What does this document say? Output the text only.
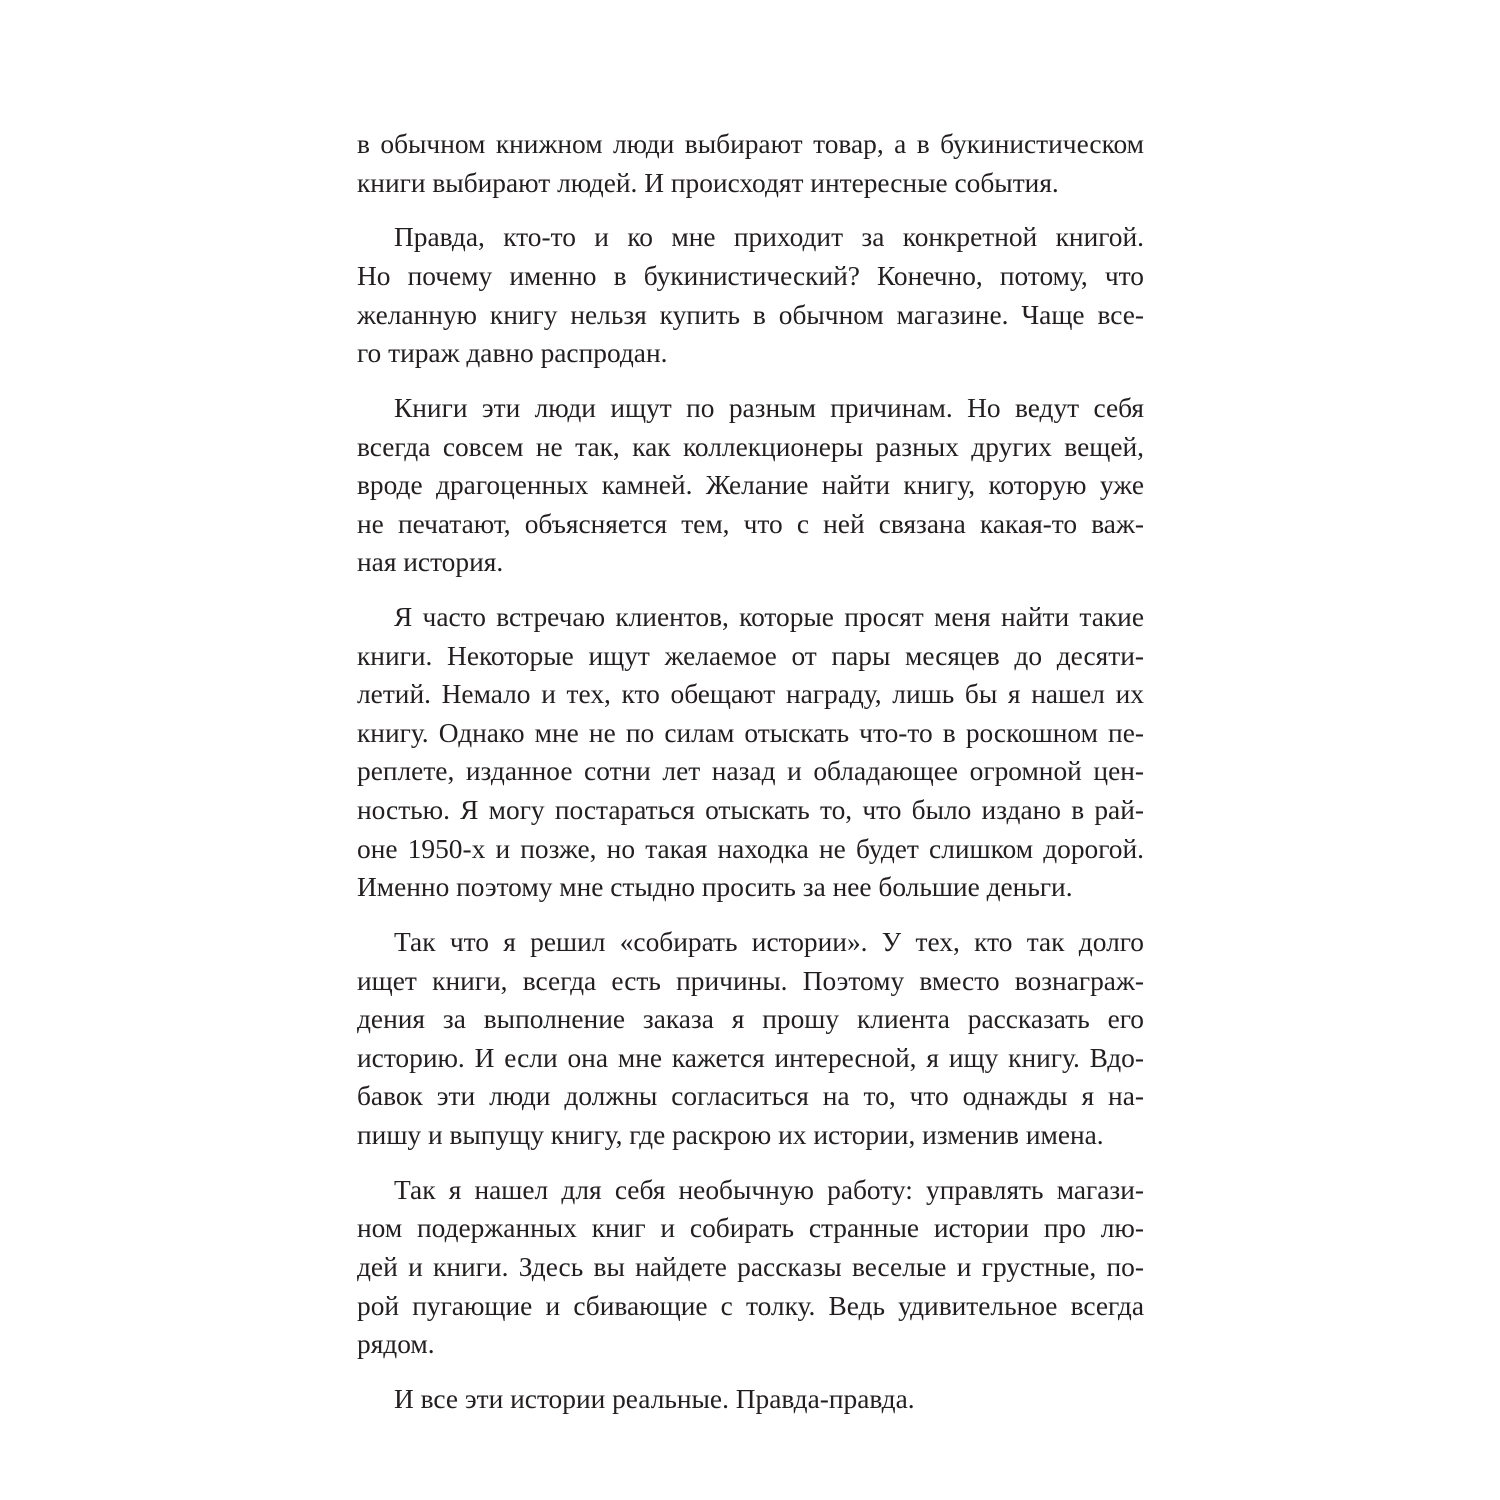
в обычном книжном люди выбирают товар, а в букинистическом
книги выбирают людей. И происходят интересные события.
Правда, кто-то и ко мне приходит за конкретной книгой.
Но почему именно в букинистический? Конечно, потому, что
желанную книгу нельзя купить в обычном магазине. Чаще все-
го тираж давно распродан.
Книги эти люди ищут по разным причинам. Но ведут себя
всегда совсем не так, как коллекционеры разных других вещей,
вроде драгоценных камней. Желание найти книгу, которую уже
не печатают, объясняется тем, что с ней связана какая-то важ-
ная история.
Я часто встречаю клиентов, которые просят меня найти такие
книги. Некоторые ищут желаемое от пары месяцев до десяти-
летий. Немало и тех, кто обещают награду, лишь бы я нашел их
книгу. Однако мне не по силам отыскать что-то в роскошном пе-
реплете, изданное сотни лет назад и обладающее огромной цен-
ностью. Я могу постараться отыскать то, что было издано в рай-
оне 1950-х и позже, но такая находка не будет слишком дорогой.
Именно поэтому мне стыдно просить за нее большие деньги.
Так что я решил «собирать истории». У тех, кто так долго
ищет книги, всегда есть причины. Поэтому вместо вознаграж-
дения за выполнение заказа я прошу клиента рассказать его
историю. И если она мне кажется интересной, я ищу книгу. Вдо-
бавок эти люди должны согласиться на то, что однажды я на-
пишу и выпущу книгу, где раскрою их истории, изменив имена.
Так я нашел для себя необычную работу: управлять магази-
ном подержанных книг и собирать странные истории про лю-
дей и книги. Здесь вы найдете рассказы веселые и грустные, по-
рой пугающие и сбивающие с толку. Ведь удивительное всегда
рядом.
И все эти истории реальные. Правда-правда.
